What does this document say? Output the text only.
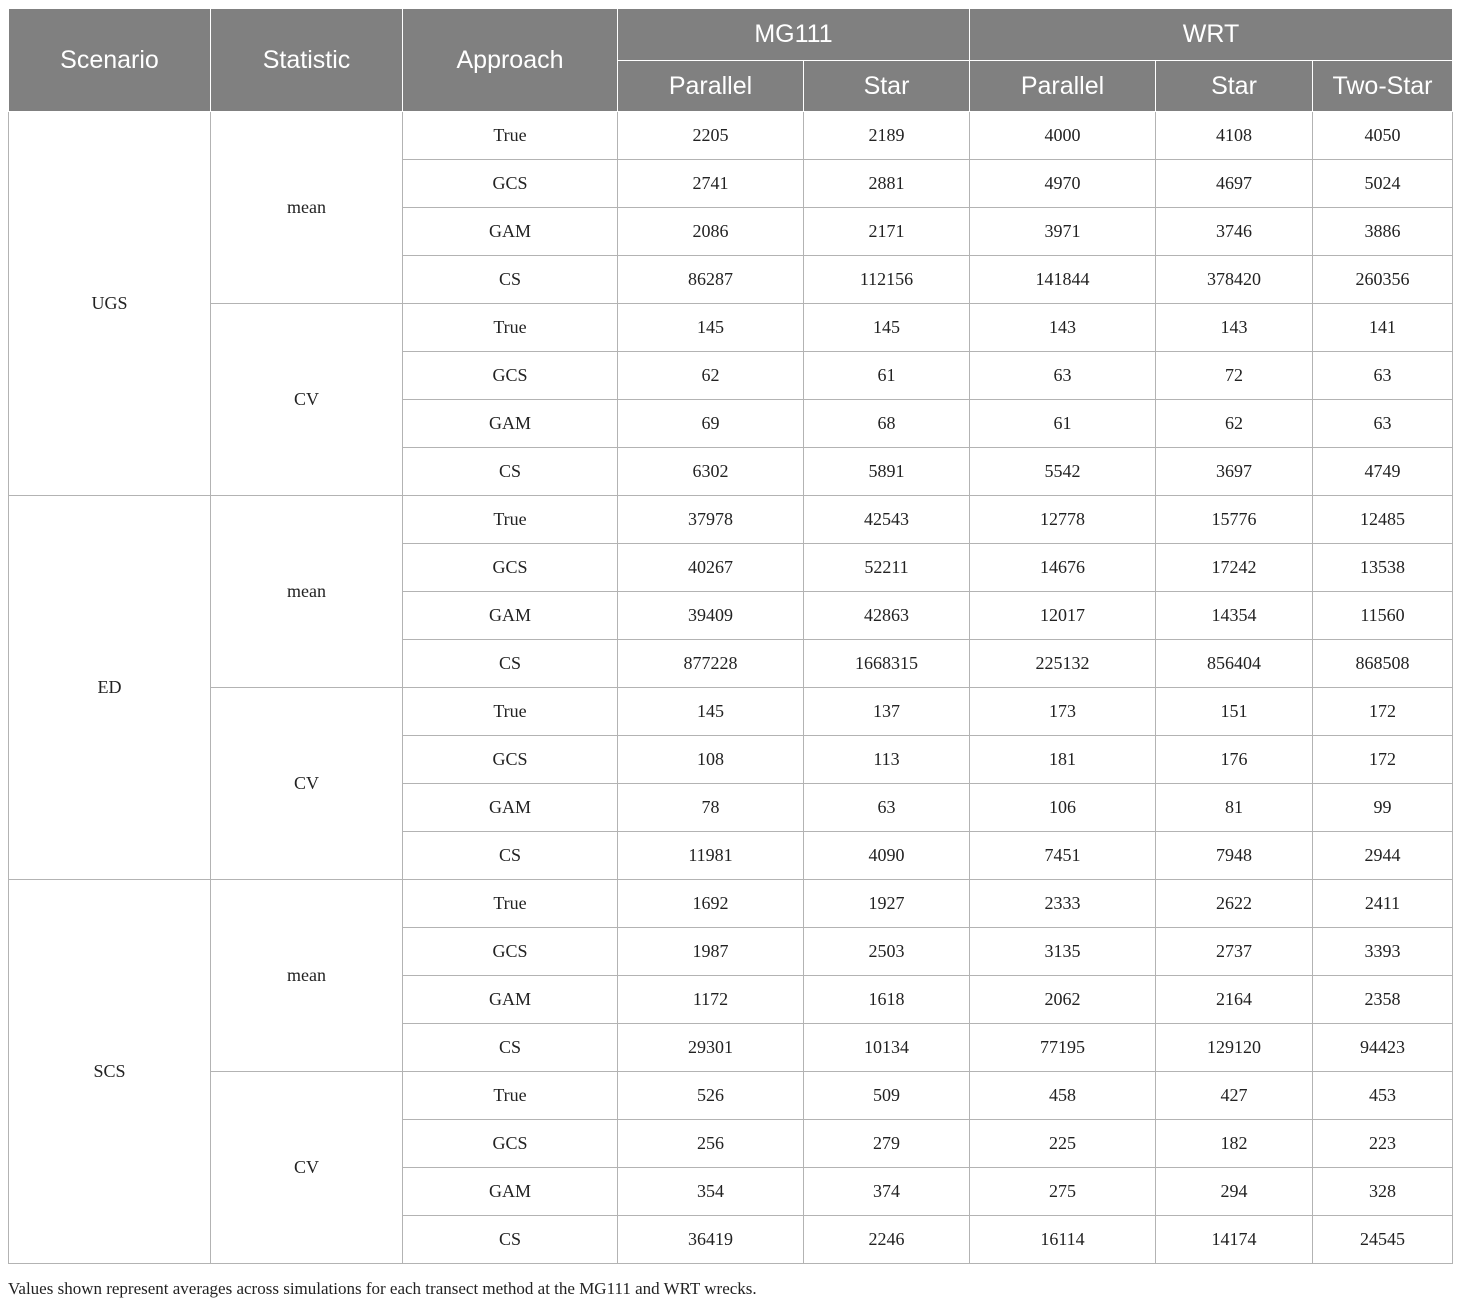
Scenario	Statistic	Approach	MG111		WRT		
			Parallel	Star	Parallel	Star	Two-Star
UGS	mean	True	2205	2189	4000	4108	4050
		GCS	2741	2881	4970	4697	5024
		GAM	2086	2171	3971	3746	3886
		CS	86287	112156	141844	378420	260356
	CV	True	145	145	143	143	141
		GCS	62	61	63	72	63
		GAM	69	68	61	62	63
		CS	6302	5891	5542	3697	4749
ED	mean	True	37978	42543	12778	15776	12485
		GCS	40267	52211	14676	17242	13538
		GAM	39409	42863	12017	14354	11560
		CS	877228	1668315	225132	856404	868508
	CV	True	145	137	173	151	172
		GCS	108	113	181	176	172
		GAM	78	63	106	81	99
		CS	11981	4090	7451	7948	2944
SCS	mean	True	1692	1927	2333	2622	2411
		GCS	1987	2503	3135	2737	3393
		GAM	1172	1618	2062	2164	2358
		CS	29301	10134	77195	129120	94423
	CV	True	526	509	458	427	453
		GCS	256	279	225	182	223
		GAM	354	374	275	294	328
		CS	36419	2246	16114	14174	24545
Values shown represent averages across simulations for each transect method at the MG111 and WRT wrecks.
